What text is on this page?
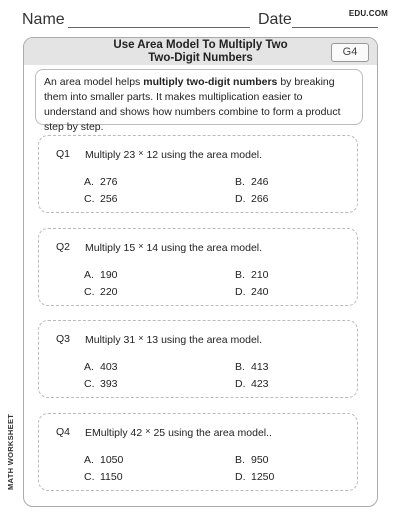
Name	Date	EDU.COM
Use Area Model To Multiply Two
Two-Digit Numbers	G4
An area model helps multiply two-digit numbers by breaking them into smaller parts. It makes multiplication easier to understand and shows how numbers combine to form a product step by step.
Q1 Multiply 23 × 12 using the area model.
A. 276	B. 246
C. 256	D. 266
Q2 Multiply 15 × 14 using the area model.
A. 190	B. 210
C. 220	D. 240
Q3 Multiply 31 × 13 using the area model.
A. 403	B. 413
C. 393	D. 423
Q4 EMultiply 42 × 25 using the area model..
A. 1050	B. 950
C. 1150	D. 1250
MATH WORKSHEET
